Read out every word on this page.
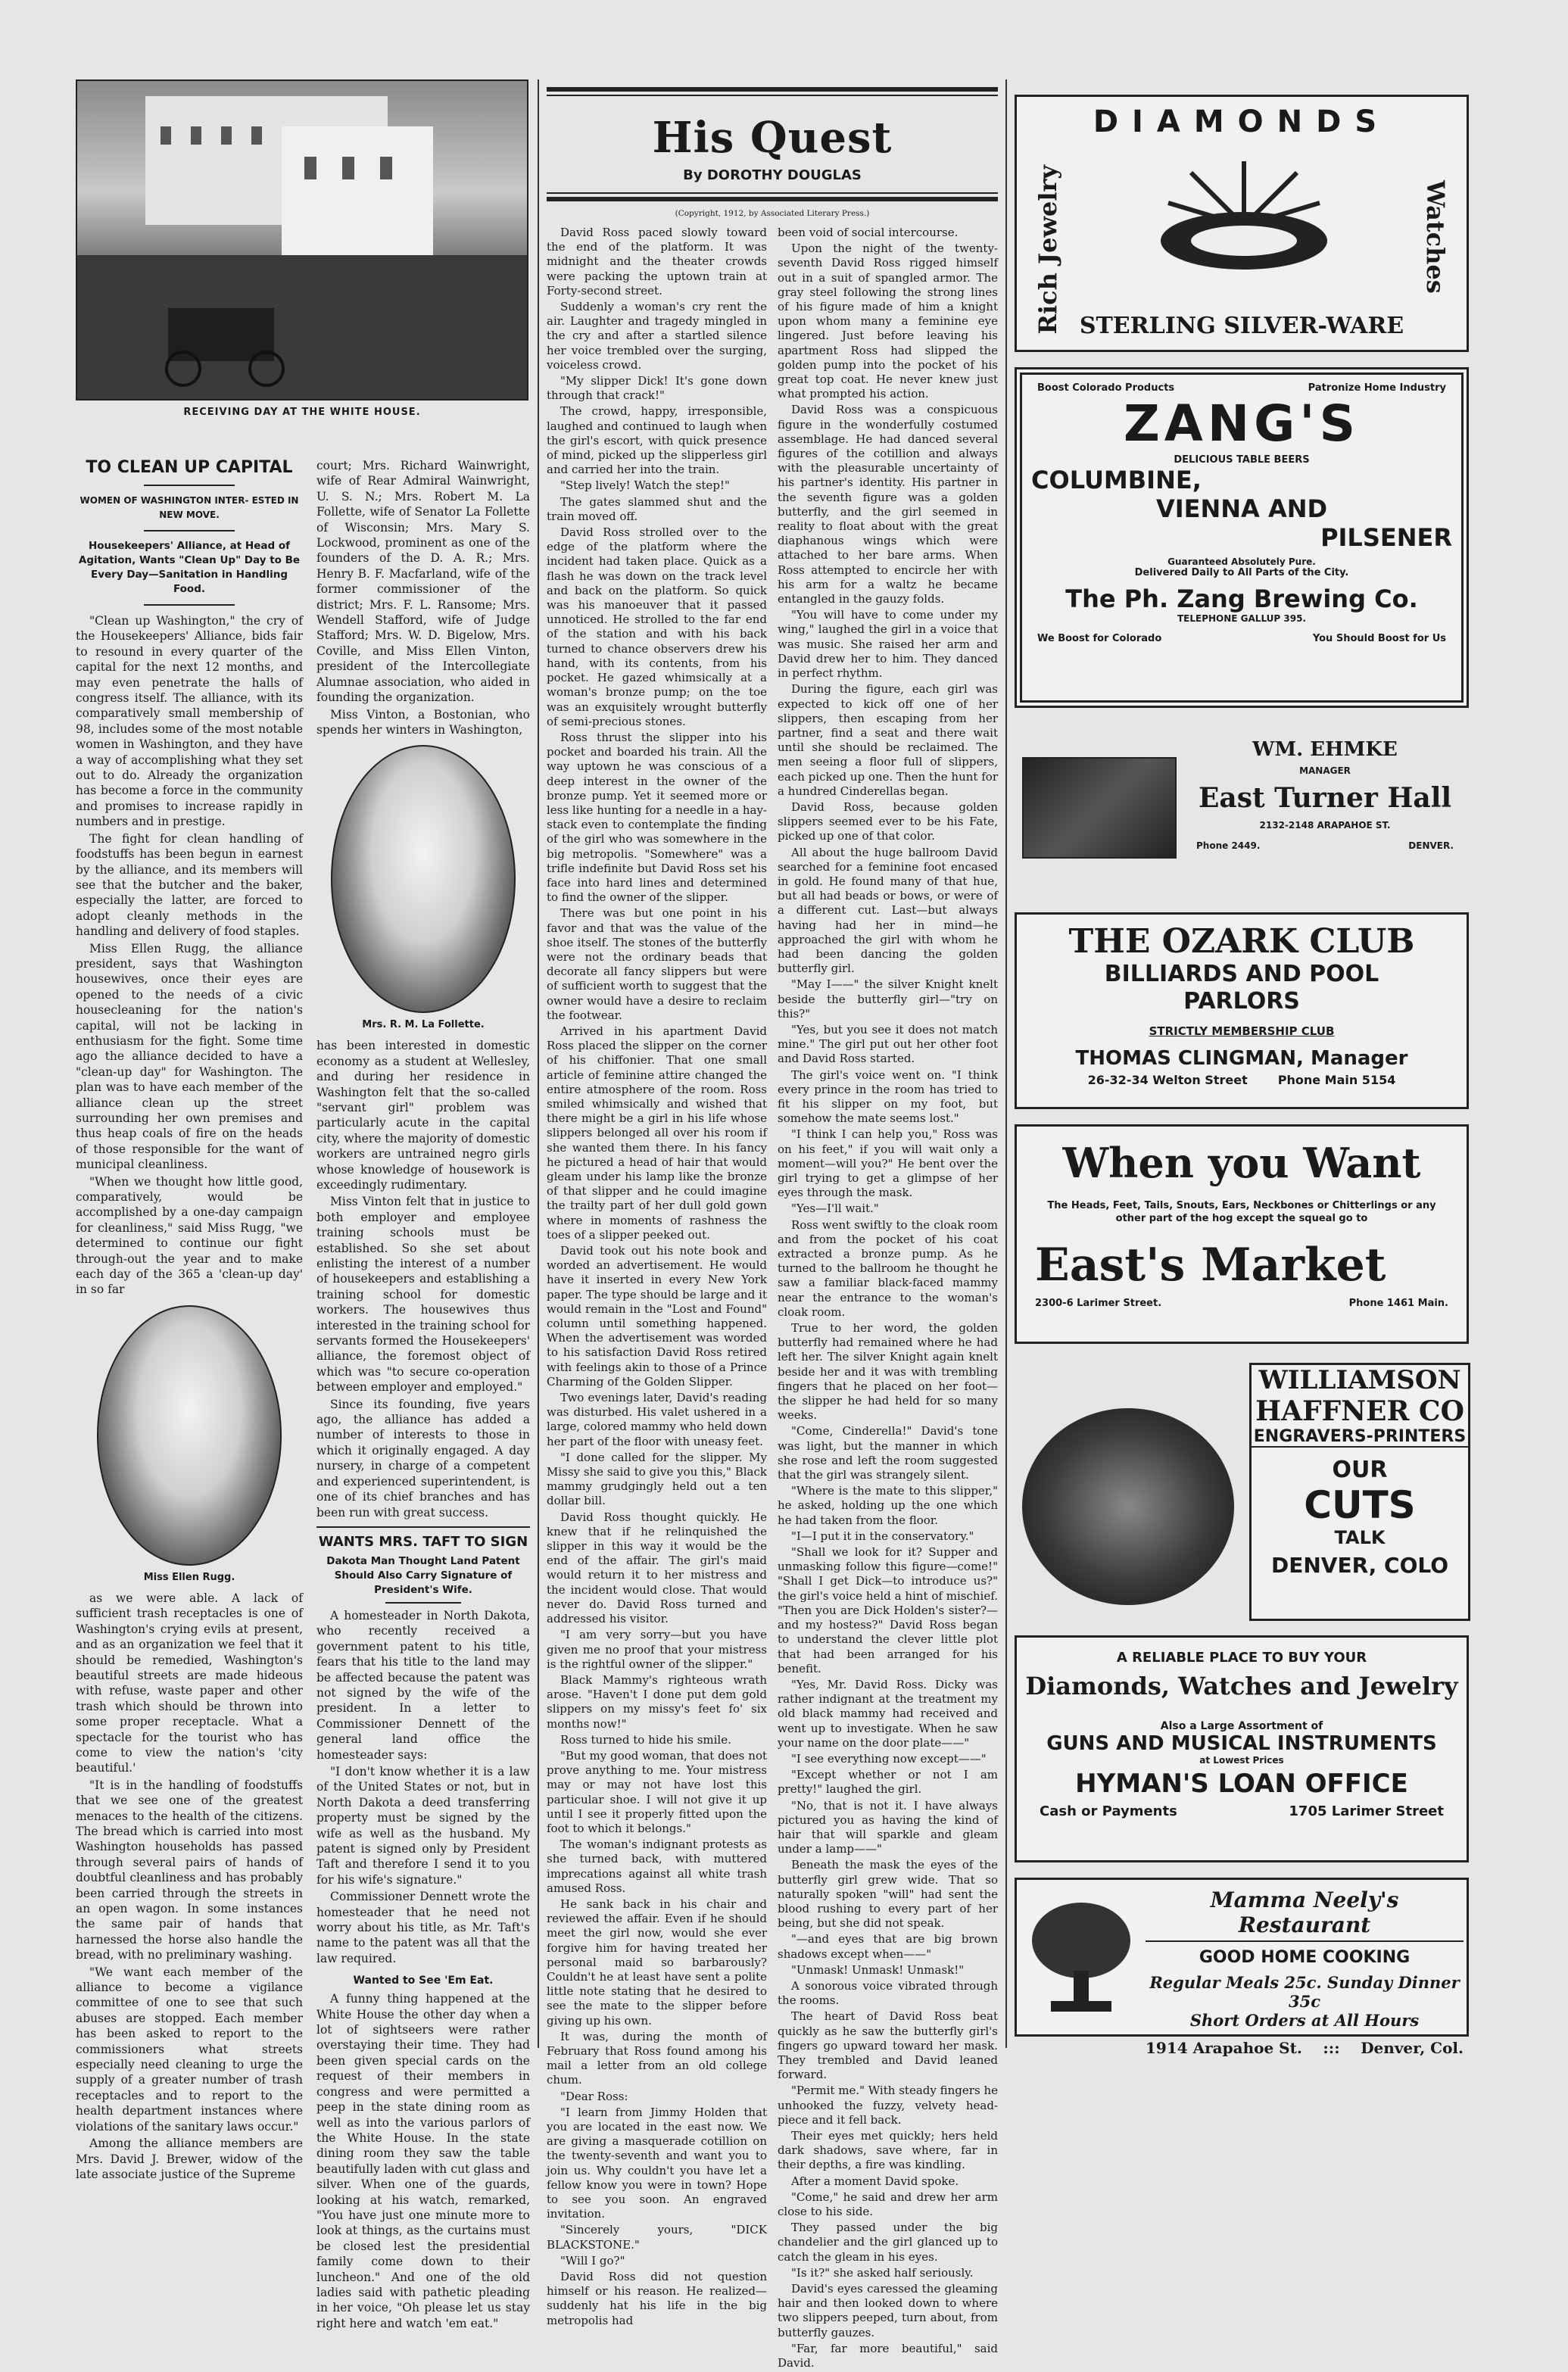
RECEIVING DAY AT THE WHITE HOUSE.
TO CLEAN UP CAPITAL
WOMEN OF WASHINGTON INTER- ESTED IN NEW MOVE.
Housekeepers' Alliance, at Head of Agitation, Wants "Clean Up" Day to Be Every Day—Sanitation in Handling Food.

"Clean up Washington," the cry of the Housekeepers' Alliance, bids fair to resound in every quarter of the capital for the next 12 months, and may even penetrate the halls of congress itself. The alliance, with its comparatively small membership of 98, includes some of the most notable women in Washington, and they have a way of accomplishing what they set out to do. Already the organization has become a force in the community and promises to increase rapidly in numbers and in prestige.

The fight for clean handling of foodstuffs has been begun in earnest by the alliance, and its members will see that the butcher and the baker, especially the latter, are forced to adopt cleanly methods in the handling and delivery of food staples.

Miss Ellen Rugg, the alliance president, says that Washington housewives, once their eyes are opened to the needs of a civic housecleaning for the nation's capital, will not be lacking in enthusiasm for the fight. Some time ago the alliance decided to have a "clean-up day" for Washington. The plan was to have each member of the alliance clean up the street surrounding her own premises and thus heap coals of fire on the heads of those responsible for the want of municipal cleanliness.

"When we thought how little good, comparatively, would be accomplished by a one-day campaign for cleanliness," said Miss Rugg, "we determined to continue our fight through-out the year and to make each day of the 365 a 'clean-up day' in so far

Miss Ellen Rugg.

as we were able. A lack of sufficient trash receptacles is one of Washington's crying evils at present, and as an organization we feel that it should be remedied, Washington's beautiful streets are made hideous with refuse, waste paper and other trash which should be thrown into some proper receptacle. What a spectacle for the tourist who has come to view the nation's 'city beautiful.'

"It is in the handling of foodstuffs that we see one of the greatest menaces to the health of the citizens. The bread which is carried into most Washington households has passed through several pairs of hands of doubtful cleanliness and has probably been carried through the streets in an open wagon. In some instances the same pair of hands that harnessed the horse also handle the bread, with no preliminary washing.

"We want each member of the alliance to become a vigilance committee of one to see that such abuses are stopped. Each member has been asked to report to the commissioners what streets especially need cleaning to urge the supply of a greater number of trash receptacles and to report to the health department instances where violations of the sanitary laws occur."

Among the alliance members are Mrs. David J. Brewer, widow of the late associate justice of the Supreme

court; Mrs. Richard Wainwright, wife of Rear Admiral Wainwright, U. S. N.; Mrs. Robert M. La Follette, wife of Senator La Follette of Wisconsin; Mrs. Mary S. Lockwood, prominent as one of the founders of the D. A. R.; Mrs. Henry B. F. Macfarland, wife of the former commissioner of the district; Mrs. F. L. Ransome; Mrs. Wendell Stafford, wife of Judge Stafford; Mrs. W. D. Bigelow, Mrs. Coville, and Miss Ellen Vinton, president of the Intercollegiate Alumnae association, who aided in founding the organization.

Miss Vinton, a Bostonian, who spends her winters in Washington,

Mrs. R. M. La Follette.

has been interested in domestic economy as a student at Wellesley, and during her residence in Washington felt that the so-called "servant girl" problem was particularly acute in the capital city, where the majority of domestic workers are untrained negro girls whose knowledge of housework is exceedingly rudimentary.

Miss Vinton felt that in justice to both employer and employee training schools must be established. So she set about enlisting the interest of a number of housekeepers and establishing a training school for domestic workers. The housewives thus interested in the training school for servants formed the Housekeepers' alliance, the foremost object of which was "to secure co-operation between employer and employed."

Since its founding, five years ago, the alliance has added a number of interests to those in which it originally engaged. A day nursery, in charge of a competent and experienced superintendent, is one of its chief branches and has been run with great success.

WANTS MRS. TAFT TO SIGN
Dakota Man Thought Land Patent Should Also Carry Signature of President's Wife.

A homesteader in North Dakota, who recently received a government patent to his title, fears that his title to the land may be affected because the patent was not signed by the wife of the president. In a letter to Commissioner Dennett of the general land office the homesteader says:

"I don't know whether it is a law of the United States or not, but in North Dakota a deed transferring property must be signed by the wife as well as the husband. My patent is signed only by President Taft and therefore I send it to you for his wife's signature."

Commissioner Dennett wrote the homesteader that he need not worry about his title, as Mr. Taft's name to the patent was all that the law required.

Wanted to See 'Em Eat.

A funny thing happened at the White House the other day when a lot of sightseers were rather overstaying their time. They had been given special cards on the request of their members in congress and were permitted a peep in the state dining room as well as into the various parlors of the White House. In the state dining room they saw the table beautifully laden with cut glass and silver. When one of the guards, looking at his watch, remarked, "You have just one minute more to look at things, as the curtains must be closed lest the presidential family come down to their luncheon." And one of the old ladies said with pathetic pleading in her voice, "Oh please let us stay right here and watch 'em eat."

His Quest
By DOROTHY DOUGLAS
(Copyright, 1912, by Associated Literary Press.)

David Ross paced slowly toward the end of the platform. It was midnight and the theater crowds were packing the uptown train at Forty-second street.

Suddenly a woman's cry rent the air. Laughter and tragedy mingled in the cry and after a startled silence her voice trembled over the surging, voiceless crowd.

"My slipper Dick! It's gone down through that crack!"

The crowd, happy, irresponsible, laughed and continued to laugh when the girl's escort, with quick presence of mind, picked up the slipperless girl and carried her into the train.

"Step lively! Watch the step!"

The gates slammed shut and the train moved off.

David Ross strolled over to the edge of the platform where the incident had taken place. Quick as a flash he was down on the track level and back on the platform. So quick was his manoeuver that it passed unnoticed. He strolled to the far end of the station and with his back turned to chance observers drew his hand, with its contents, from his pocket. He gazed whimsically at a woman's bronze pump; on the toe was an exquisitely wrought butterfly of semi-precious stones.

Ross thrust the slipper into his pocket and boarded his train. All the way uptown he was conscious of a deep interest in the owner of the bronze pump. Yet it seemed more or less like hunting for a needle in a hay-stack even to contemplate the finding of the girl who was somewhere in the big metropolis. "Somewhere" was a trifle indefinite but David Ross set his face into hard lines and determined to find the owner of the slipper.

There was but one point in his favor and that was the value of the shoe itself. The stones of the butterfly were not the ordinary beads that decorate all fancy slippers but were of sufficient worth to suggest that the owner would have a desire to reclaim the footwear.

Arrived in his apartment David Ross placed the slipper on the corner of his chiffonier. That one small article of feminine attire changed the entire atmosphere of the room. Ross smiled whimsically and wished that there might be a girl in his life whose slippers belonged all over his room if she wanted them there. In his fancy he pictured a head of hair that would gleam under his lamp like the bronze of that slipper and he could imagine the trailty part of her dull gold gown where in moments of rashness the toes of a slipper peeked out.

David took out his note book and worded an advertisement. He would have it inserted in every New York paper. The type should be large and it would remain in the "Lost and Found" column until something happened. When the advertisement was worded to his satisfaction David Ross retired with feelings akin to those of a Prince Charming of the Golden Slipper.

Two evenings later, David's reading was disturbed. His valet ushered in a large, colored mammy who held down her part of the floor with uneasy feet.

"I done called for the slipper. My Missy she said to give you this," Black mammy grudgingly held out a ten dollar bill.

David Ross thought quickly. He knew that if he relinquished the slipper in this way it would be the end of the affair. The girl's maid would return it to her mistress and the incident would close. That would never do. David Ross turned and addressed his visitor.

"I am very sorry—but you have given me no proof that your mistress is the rightful owner of the slipper."

Black Mammy's righteous wrath arose. "Haven't I done put dem gold slippers on my missy's feet fo' six months now!"

Ross turned to hide his smile.

"But my good woman, that does not prove anything to me. Your mistress may or may not have lost this particular shoe. I will not give it up until I see it properly fitted upon the foot to which it belongs."

The woman's indignant protests as she turned back, with muttered imprecations against all white trash amused Ross.

He sank back in his chair and reviewed the affair. Even if he should meet the girl now, would she ever forgive him for having treated her personal maid so barbarously? Couldn't he at least have sent a polite little note stating that he desired to see the mate to the slipper before giving up his own.

It was, during the month of February that Ross found among his mail a letter from an old college chum.

"Dear Ross:

"I learn from Jimmy Holden that you are located in the east now. We are giving a masquerade cotillion on the twenty-seventh and want you to join us. Why couldn't you have let a fellow know you were in town? Hope to see you soon. An engraved invitation.

"Sincerely yours, "DICK BLACKSTONE."

"Will I go?"

David Ross did not question himself or his reason. He realized—suddenly hat his life in the big metropolis had

been void of social intercourse.

Upon the night of the twenty-seventh David Ross rigged himself out in a suit of spangled armor. The gray steel following the strong lines of his figure made of him a knight upon whom many a feminine eye lingered. Just before leaving his apartment Ross had slipped the golden pump into the pocket of his great top coat. He never knew just what prompted his action.

David Ross was a conspicuous figure in the wonderfully costumed assemblage. He had danced several figures of the cotillion and always with the pleasurable uncertainty of his partner's identity. His partner in the seventh figure was a golden butterfly, and the girl seemed in reality to float about with the great diaphanous wings which were attached to her bare arms. When Ross attempted to encircle her with his arm for a waltz he became entangled in the gauzy folds.

"You will have to come under my wing," laughed the girl in a voice that was music. She raised her arm and David drew her to him. They danced in perfect rhythm.

During the figure, each girl was expected to kick off one of her slippers, then escaping from her partner, find a seat and there wait until she should be reclaimed. The men seeing a floor full of slippers, each picked up one. Then the hunt for a hundred Cinderellas began.

David Ross, because golden slippers seemed ever to be his Fate, picked up one of that color.

All about the huge ballroom David searched for a feminine foot encased in gold. He found many of that hue, but all had beads or bows, or were of a different cut. Last—but always having had her in mind—he approached the girl with whom he had been dancing the golden butterfly girl.

"May I——" the silver Knight knelt beside the butterfly girl—"try on this?"

"Yes, but you see it does not match mine." The girl put out her other foot and David Ross started.

The girl's voice went on. "I think every prince in the room has tried to fit his slipper on my foot, but somehow the mate seems lost."

"I think I can help you," Ross was on his feet," if you will wait only a moment—will you?" He bent over the girl trying to get a glimpse of her eyes through the mask.

"Yes—I'll wait."

Ross went swiftly to the cloak room and from the pocket of his coat extracted a bronze pump. As he turned to the ballroom he thought he saw a familiar black-faced mammy near the entrance to the woman's cloak room.

True to her word, the golden butterfly had remained where he had left her. The silver Knight again knelt beside her and it was with trembling fingers that he placed on her foot—the slipper he had held for so many weeks.

"Come, Cinderella!" David's tone was light, but the manner in which she rose and left the room suggested that the girl was strangely silent.

"Where is the mate to this slipper," he asked, holding up the one which he had taken from the floor.

"I—I put it in the conservatory."

"Shall we look for it? Supper and unmasking follow this figure—come!" "Shall I get Dick—to introduce us?" the girl's voice held a hint of mischief. "Then you are Dick Holden's sister?—and my hostess?" David Ross began to understand the clever little plot that had been arranged for his benefit.

"Yes, Mr. David Ross. Dicky was rather indignant at the treatment my old black mammy had received and went up to investigate. When he saw your name on the door plate——"

"I see everything now except——"

"Except whether or not I am pretty!" laughed the girl.

"No, that is not it. I have always pictured you as having the kind of hair that will sparkle and gleam under a lamp——"

Beneath the mask the eyes of the butterfly girl grew wide. That so naturally spoken "will" had sent the blood rushing to every part of her being, but she did not speak.

"—and eyes that are big brown shadows except when——"

"Unmask! Unmask! Unmask!"

A sonorous voice vibrated through the rooms.

The heart of David Ross beat quickly as he saw the butterfly girl's fingers go upward toward her mask. They trembled and David leaned forward.

"Permit me." With steady fingers he unhooked the fuzzy, velvety head-piece and it fell back.

Their eyes met quickly; hers held dark shadows, save where, far in their depths, a fire was kindling.

After a moment David spoke.

"Come," he said and drew her arm close to his side.

They passed under the big chandelier and the girl glanced up to catch the gleam in his eyes.

"Is it?" she asked half seriously.

David's eyes caressed the gleaming hair and then looked down to where two slippers peeped, turn about, from butterfly gauzes.

"Far, far more beautiful," said David.

DIAMONDS
Rich Jewelry	Watches
STERLING SILVER-WARE
Boost Colorado Products	Patronize Home Industry
ZANG'S
DELICIOUS TABLE BEERS
COLUMBINE,
VIENNA AND
PILSENER
Guaranteed Absolutely Pure.
Delivered Daily to All Parts of the City.
The Ph. Zang Brewing Co.
TELEPHONE GALLUP 395.
We Boost for Colorado	You Should Boost for Us
WM. EHMKE
MANAGER
East Turner Hall
2132-2148 ARAPAHOE ST.
Phone 2449.	DENVER.
THE OZARK CLUB
BILLIARDS AND POOL
PARLORS
STRICTLY MEMBERSHIP CLUB
THOMAS CLINGMAN, Manager
26-32-34 Welton Street	Phone Main 5154
When you Want
The Heads, Feet, Tails, Snouts, Ears, Neckbones or Chitterlings or any other part of the hog except the squeal go to
East's Market
2300-6 Larimer Street.	Phone 1461 Main.
WILLIAMSON
HAFFNER CO
ENGRAVERS-PRINTERS
OUR
CUTS
TALK
DENVER, COLO
A RELIABLE PLACE TO BUY YOUR
Diamonds, Watches and Jewelry
Also a Large Assortment of
GUNS AND MUSICAL INSTRUMENTS
at Lowest Prices
HYMAN'S LOAN OFFICE
Cash or Payments	1705 Larimer Street
Mamma Neely's Restaurant
GOOD HOME COOKING
Regular Meals 25c. Sunday Dinner 35c
Short Orders at All Hours
1914 Arapahoe St. ::: Denver, Col.
